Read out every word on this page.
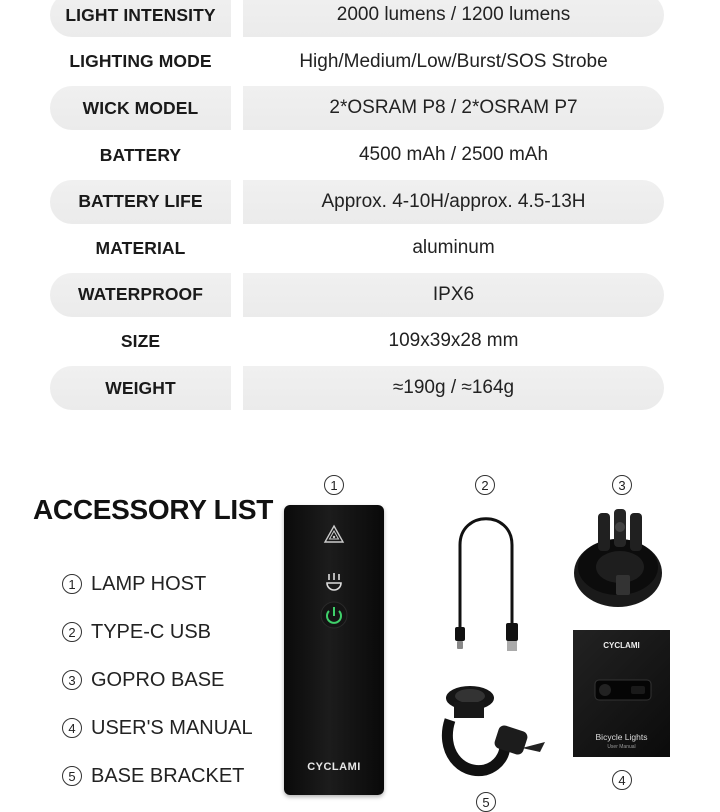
LIGHT INTENSITY	2000 lumens / 1200 lumens
LIGHTING MODE	High/Medium/Low/Burst/SOS Strobe
WICK MODEL	2*OSRAM P8 / 2*OSRAM P7
BATTERY	4500 mAh / 2500 mAh
BATTERY LIFE	Approx. 4-10H/approx. 4.5-13H
MATERIAL	aluminum
WATERPROOF	IPX6
SIZE	109x39x28 mm
WEIGHT	≈190g / ≈164g
ACCESSORY LIST
1 LAMP HOST
2 TYPE-C USB
3 GOPRO BASE
4 USER'S MANUAL
5 BASE BRACKET
1	2	3
4
5
CYCLAMI
CYCLAMI
Bicycle Lights
User Manual
